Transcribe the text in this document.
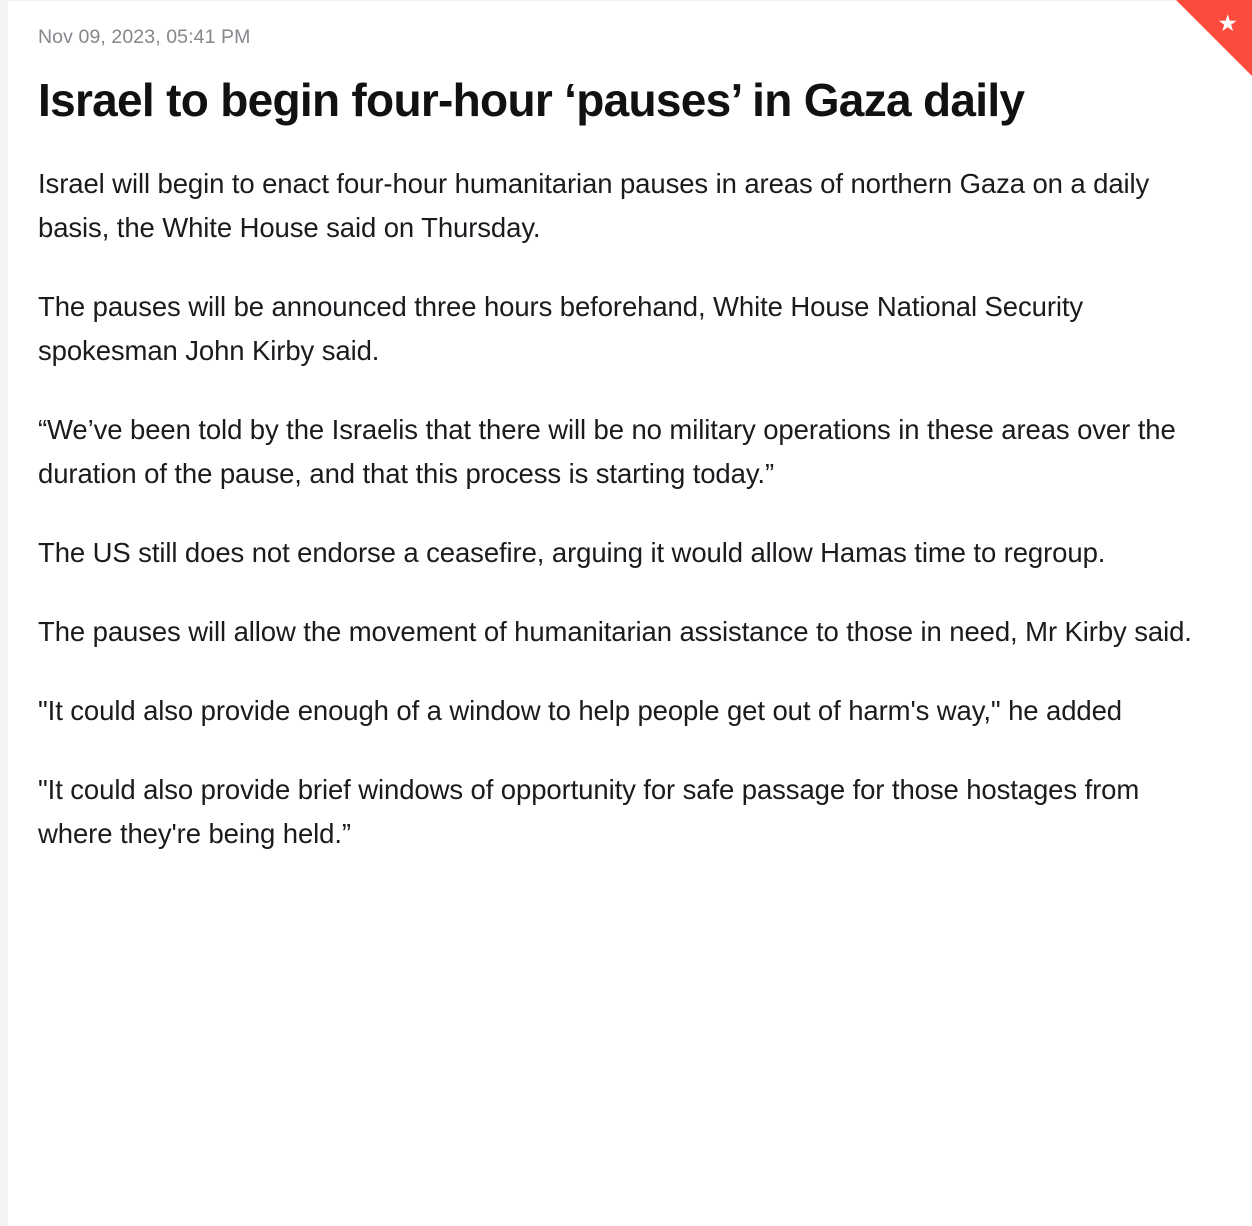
★
Nov 09, 2023, 05:41 PM
Israel to begin four-hour ‘pauses’ in Gaza daily

Israel will begin to enact four-hour humanitarian pauses in areas of northern Gaza on a daily basis, the White House said on Thursday.

The pauses will be announced three hours beforehand, White House National Security spokesman John Kirby said.

“We’ve been told by the Israelis that there will be no military operations in these areas over the duration of the pause, and that this process is starting today.”

The US still does not endorse a ceasefire, arguing it would allow Hamas time to regroup.

The pauses will allow the movement of humanitarian assistance to those in need, Mr Kirby said.

"It could also provide enough of a window to help people get out of harm's way," he added

"It could also provide brief windows of opportunity for safe passage for those hostages from where they're being held.”
